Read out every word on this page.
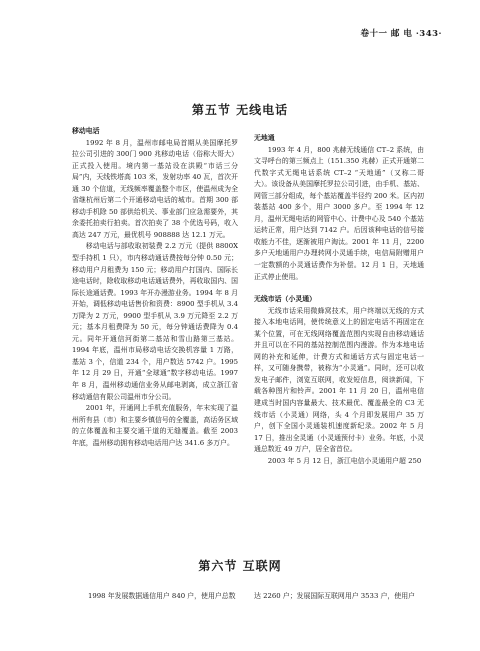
卷十一 邮 电 ·343·
第五节 无线电话

移动电话

1992 年 8 月，温州市邮电局首期从美国摩托罗拉公司引进的 300门 900 兆移动电话（俗称大哥大）正式投入使用。境内第一基站设在洪殿“市话三分局”内，天线铁塔高 103 米，发射功率 40 瓦，首次开通 30 个信道，无线频率覆盖整个市区，使温州成为全省继杭州后第二个开通移动电话的城市。首期 300 部移动手机除 50 部供给机关、事业部门应急需要外，其余委托拍卖行拍卖。首次拍卖了 38 个优选号码，收入高达 247 万元，最优机号 908888 达 12.1 万元。

移动电话与部收取初装费 2.2 万元（提供 8800X 型手持机 1 只），市内移动通话费按每分钟 0.50 元；移动用户月租费为 150 元；移动用户打国内、国际长途电话时，除收取移动电话通话费外，再收取国内、国际长途通话费。1993 年开办漫游业务。1994 年 8 月开始，调低移动电话售价和资费：8900 型手机从 3.4 万降为 2 万元，9900 型手机从 3.9 万元降至 2.2 万元；基本月租费降为 50 元，每分钟通话费降为 0.4 元。同年开通信河街第二基站和雪山路第三基站。1994 年底，温州市局移动电话交换机容量 1 万路，基站 3 个，信道 234 个，用户数达 5742 户。1995 年 12 月 29 日，开通“全球通”数字移动电话。1997 年 8 月，温州移动通信业务从邮电剥离，成立浙江省移动通信有限公司温州市分公司。

2001 年，开通网上手机充值服务，年末实现了温州所有县（市）和主要乡镇信号的全覆盖，高话务区域的立体覆盖和主要交通干道的无缝覆盖。截至 2003 年底，温州移动拥有移动电话用户达 341.6 多万户。

无地通

1993 年 4 月，800 兆赫无线通信 CT–2 系统，由文寻呼台的第三频点上（151.350 兆赫）正式开通第二代数字式无绳电话系统 CT–2 “天地通”（又称二哥大）。该设备从美国摩托罗拉公司引进，由手机、基站、网管三部分组成，每个基站覆盖半径约 200 米。区内初装基站 400 多个，用户 3000 多户。至 1994 年 12 月，温州无绳电话的网管中心、计费中心及 540 个基站运转正常，用户达到 7142 户。后因该种电话的信号接收能力不佳，逐渐被用户淘汰。2001 年 11 月，2200 多户天地通用户办理转网小灵通手续，电信局附赠用户一定数额的小灵通话费作为补偿。12 月 1 日，天地通正式停止使用。

无线市话（小灵通）

无线市话采用微蜂窝技术，用户终端以无线的方式接入本地电话网，使传统意义上的固定电话不再固定在某个位置，可在无线网络覆盖范围内实现自由移动通话并且可以在不同的基站控制范围内漫游。作为本地电话网的补充和延伸，计费方式和通话方式与固定电话一样，又可随身携带，被称为“小灵通”。同时，还可以收发电子邮件，浏览互联网，收发短信息，阅读新闻，下载各种图片和铃声。2001 年 11 月 20 日，温州电信建成当时国内容量最大、技术最优、覆盖最全的 C3 无线市话（小灵通）网络，头 4 个月即发展用户 35 万户，创下全国小灵通装机速度新纪录。2002 年 5 月 17 日，推出全灵通（小灵通预付卡）业务。年底，小灵通总数近 49 万户，居全省首位。

2003 年 5 月 12 日，浙江电信小灵通用户超 250

第六节 互联网
1998 年发展数据通信用户 840 户，使用户总数	达 2260 户；发展国际互联网用户 3533 户，使用户
